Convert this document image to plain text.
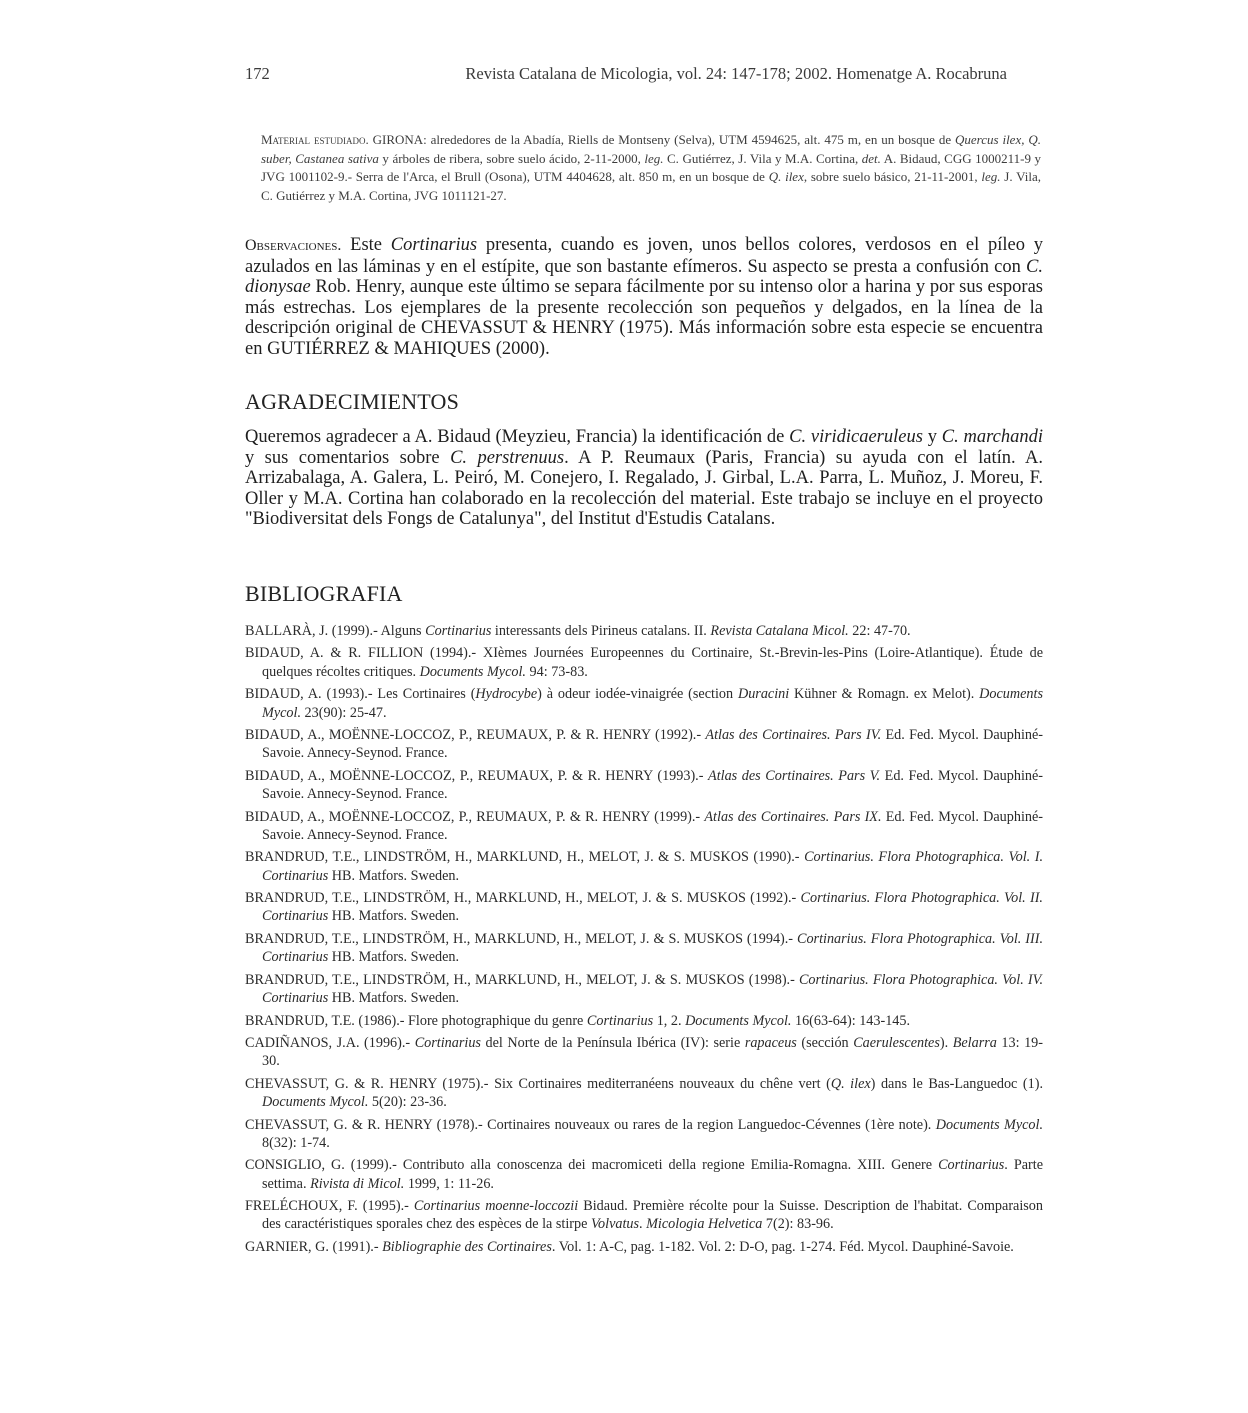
172	Revista Catalana de Micologia, vol. 24: 147-178; 2002. Homenatge A. Rocabruna
Material estudiado. GIRONA: alrededores de la Abadía, Riells de Montseny (Selva), UTM 4594625, alt. 475 m, en un bosque de Quercus ilex, Q. suber, Castanea sativa y árboles de ribera, sobre suelo ácido, 2-11-2000, leg. C. Gutiérrez, J. Vila y M.A. Cortina, det. A. Bidaud, CGG 1000211-9 y JVG 1001102-9.- Serra de l'Arca, el Brull (Osona), UTM 4404628, alt. 850 m, en un bosque de Q. ilex, sobre suelo básico, 21-11-2001, leg. J. Vila, C. Gutiérrez y M.A. Cortina, JVG 1011121-27.
Observaciones. Este Cortinarius presenta, cuando es joven, unos bellos colores, verdosos en el píleo y azulados en las láminas y en el estípite, que son bastante efímeros. Su aspecto se presta a confusión con C. dionysae Rob. Henry, aunque este último se separa fácilmente por su intenso olor a harina y por sus esporas más estrechas. Los ejemplares de la presente recolección son pequeños y delgados, en la línea de la descripción original de CHEVASSUT & HENRY (1975). Más información sobre esta especie se encuentra en GUTIÉRREZ & MAHIQUES (2000).
AGRADECIMIENTOS
Queremos agradecer a A. Bidaud (Meyzieu, Francia) la identificación de C. viridicaeruleus y C. marchandi y sus comentarios sobre C. perstrenuus. A P. Reumaux (Paris, Francia) su ayuda con el latín. A. Arrizabalaga, A. Galera, L. Peiró, M. Conejero, I. Regalado, J. Girbal, L.A. Parra, L. Muñoz, J. Moreu, F. Oller y M.A. Cortina han colaborado en la recolección del material. Este trabajo se incluye en el proyecto "Biodiversitat dels Fongs de Catalunya", del Institut d'Estudis Catalans.
BIBLIOGRAFIA
BALLARÀ, J. (1999).- Alguns Cortinarius interessants dels Pirineus catalans. II. Revista Catalana Micol. 22: 47-70.
BIDAUD, A. & R. FILLION (1994).- XIèmes Journées Europeennes du Cortinaire, St.-Brevin-les-Pins (Loire-Atlantique). Étude de quelques récoltes critiques. Documents Mycol. 94: 73-83.
BIDAUD, A. (1993).- Les Cortinaires (Hydrocybe) à odeur iodée-vinaigrée (section Duracini Kühner & Romagn. ex Melot). Documents Mycol. 23(90): 25-47.
BIDAUD, A., MOËNNE-LOCCOZ, P., REUMAUX, P. & R. HENRY (1992).- Atlas des Cortinaires. Pars IV. Ed. Fed. Mycol. Dauphiné-Savoie. Annecy-Seynod. France.
BIDAUD, A., MOËNNE-LOCCOZ, P., REUMAUX, P. & R. HENRY (1993).- Atlas des Cortinaires. Pars V. Ed. Fed. Mycol. Dauphiné-Savoie. Annecy-Seynod. France.
BIDAUD, A., MOËNNE-LOCCOZ, P., REUMAUX, P. & R. HENRY (1999).- Atlas des Cortinaires. Pars IX. Ed. Fed. Mycol. Dauphiné-Savoie. Annecy-Seynod. France.
BRANDRUD, T.E., LINDSTRÖM, H., MARKLUND, H., MELOT, J. & S. MUSKOS (1990).- Cortinarius. Flora Photographica. Vol. I. Cortinarius HB. Matfors. Sweden.
BRANDRUD, T.E., LINDSTRÖM, H., MARKLUND, H., MELOT, J. & S. MUSKOS (1992).- Cortinarius. Flora Photographica. Vol. II. Cortinarius HB. Matfors. Sweden.
BRANDRUD, T.E., LINDSTRÖM, H., MARKLUND, H., MELOT, J. & S. MUSKOS (1994).- Cortinarius. Flora Photographica. Vol. III. Cortinarius HB. Matfors. Sweden.
BRANDRUD, T.E., LINDSTRÖM, H., MARKLUND, H., MELOT, J. & S. MUSKOS (1998).- Cortinarius. Flora Photographica. Vol. IV. Cortinarius HB. Matfors. Sweden.
BRANDRUD, T.E. (1986).- Flore photographique du genre Cortinarius 1, 2. Documents Mycol. 16(63-64): 143-145.
CADIÑANOS, J.A. (1996).- Cortinarius del Norte de la Península Ibérica (IV): serie rapaceus (sección Caerulescentes). Belarra 13: 19-30.
CHEVASSUT, G. & R. HENRY (1975).- Six Cortinaires mediterranéens nouveaux du chêne vert (Q. ilex) dans le Bas-Languedoc (1). Documents Mycol. 5(20): 23-36.
CHEVASSUT, G. & R. HENRY (1978).- Cortinaires nouveaux ou rares de la region Languedoc-Cévennes (1ère note). Documents Mycol. 8(32): 1-74.
CONSIGLIO, G. (1999).- Contributo alla conoscenza dei macromiceti della regione Emilia-Romagna. XIII. Genere Cortinarius. Parte settima. Rivista di Micol. 1999, 1: 11-26.
FRELÉCHOUX, F. (1995).- Cortinarius moenne-loccozii Bidaud. Première récolte pour la Suisse. Description de l'habitat. Comparaison des caractéristiques sporales chez des espèces de la stirpe Volvatus. Micologia Helvetica 7(2): 83-96.
GARNIER, G. (1991).- Bibliographie des Cortinaires. Vol. 1: A-C, pag. 1-182. Vol. 2: D-O, pag. 1-274. Féd. Mycol. Dauphiné-Savoie.
